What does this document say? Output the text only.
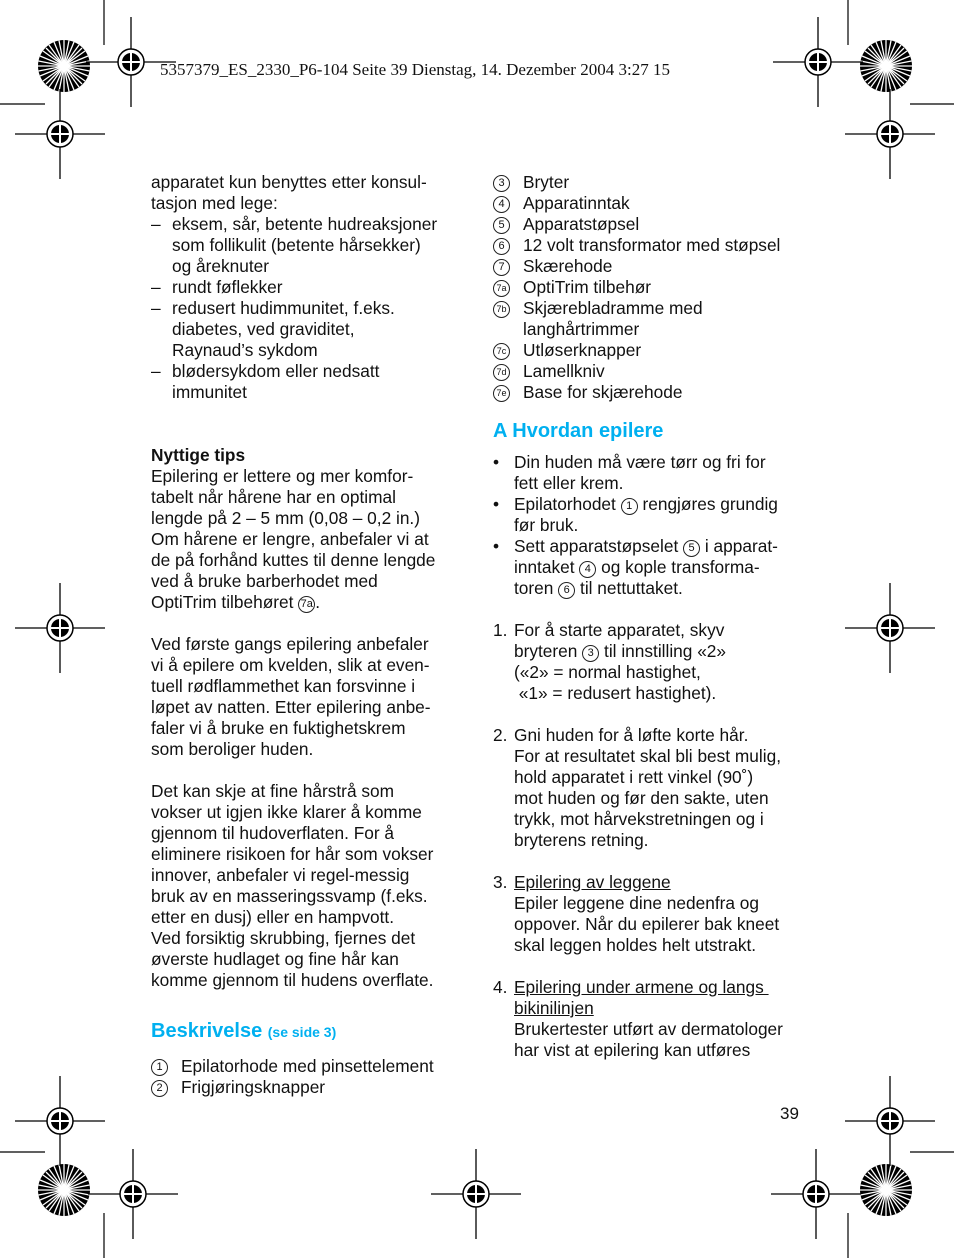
5357379_ES_2330_P6-104 Seite 39 Dienstag, 14. Dezember 2004 3:27 15

apparatet kun benyttes etter konsul-

tasjon med lege:

– eksem, sår, betente hudreaksjoner

som follikulit (betente hårsekker)

og åreknuter

– rundt føflekker

– redusert hudimmunitet, f.eks.

diabetes, ved graviditet,

Raynaud’s sykdom

– blødersykdom eller nedsatt

immunitet

Nyttige tips

Epilering er lettere og mer komfor-

tabelt når hårene har en optimal

lengde på 2 – 5 mm (0,08 – 0,2 in.)

Om hårene er lengre, anbefaler vi at

de på forhånd kuttes til denne lengde

ved å bruke barberhodet med

OptiTrim tilbehøret 7a .

Ved første gangs epilering anbefaler

vi å epilere om kvelden, slik at even-

tuell rødflammethet kan forsvinne i

løpet av natten. Etter epilering anbe-

faler vi å bruke en fuktighetskrem

som beroliger huden.

Det kan skje at fine hårstrå som

vokser ut igjen ikke klarer å komme

gjennom til hudoverflaten. For å

eliminere risikoen for hår som vokser

innover, anbefaler vi regel-messig

bruk av en masseringssvamp (f.eks.

etter en dusj) eller en hampvott.

Ved forsiktig skrubbing, fjernes det

øverste hudlaget og fine hår kan

komme gjennom til hudens overflate.

Beskrivelse (se side 3)

1	Epilatorhode med pinsettelement
2	Frigjøringsknapper
3	Bryter
4	Apparatinntak
5	Apparatstøpsel
6	12 volt transformator med støpsel
7	Skærehode
7a OptiTrim tilbehør
7b Skjærebladramme med
langhårtrimmer
7c Utløserknapper
7d Lamellkniv
7e Base for skjærehode

A Hvordan epilere

• Din huden må være tørr og fri for

fett eller krem.

• Epilatorhodet 1 rengjøres grundig

før bruk.

• Sett apparatstøpselet 5 i apparat-

inntaket 4 og kople transforma-

toren 6 til nettuttaket.

1. For å starte apparatet, skyv

bryteren 3 til innstilling «2»

(«2» = normal hastighet,

«1» = redusert hastighet).

2. Gni huden for å løfte korte hår.

For at resultatet skal bli best mulig,

hold apparatet i rett vinkel (90˚)

mot huden og før den sakte, uten

trykk, mot hårvekstretningen og i

bryterens retning.

3. Epilering av leggene

Epiler leggene dine nedenfra og

oppover. Når du epilerer bak kneet

skal leggen holdes helt utstrakt.

4. Epilering under armene og langs

bikinilinjen

Brukertester utført av dermatologer

har vist at epilering kan utføres

39
